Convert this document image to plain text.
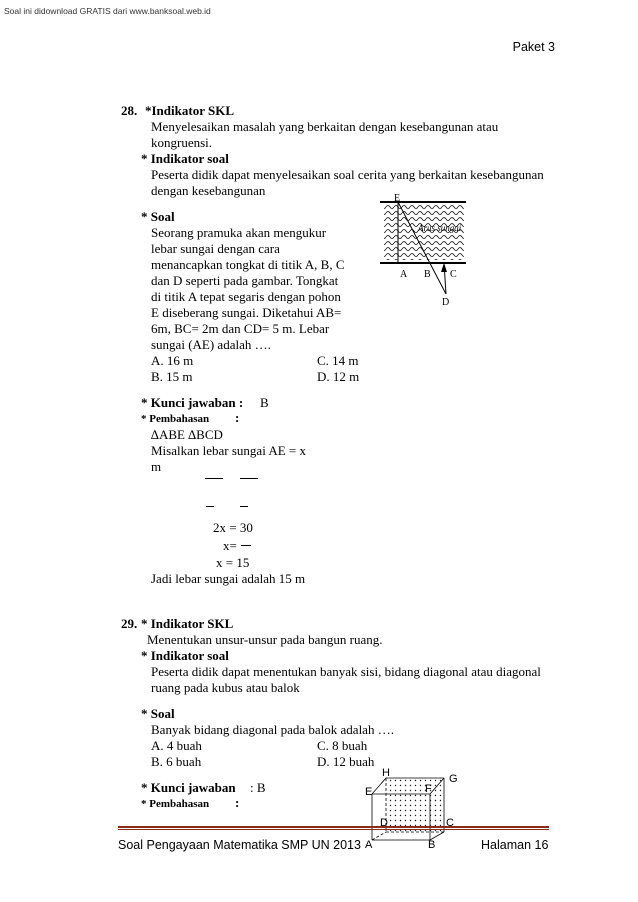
Soal ini didownload GRATIS dari www.banksoal.web.id
Paket 3
28. *Indikator SKL
Menyelesaikan masalah yang berkaitan dengan kesebangunan atau
kongruensi.
* Indikator soal
Peserta didik dapat menyelesaikan soal cerita yang berkaitan kesebangunan
dengan kesebangunan
* Soal
Seorang pramuka akan mengukur
lebar sungai dengan cara
menancapkan tongkat di titik A, B, C
dan D seperti pada gambar. Tongkat
di titik A tepat segaris dengan pohon
E diseberang sungai. Diketahui AB=
6m, BC= 2m dan CD= 5 m. Lebar
sungai (AE) adalah ….
A. 16 m	C. 14 m
B. 15 m	D. 12 m
E
A B C
D
Arus sungai
* Kunci jawaban : B
* Pembahasan :
∆ABE ∆BCD
Misalkan lebar sungai AE = x
m
2x = 30
x=
x = 15
Jadi lebar sungai adalah 15 m
29. * Indikator SKL
Menentukan unsur-unsur pada bangun ruang.
* Indikator soal
Peserta didik dapat menentukan banyak sisi, bidang diagonal atau diagonal
ruang pada kubus atau balok
* Soal
Banyak bidang diagonal pada balok adalah ….
A. 4 buah	C. 8 buah
B. 6 buah	D. 12 buah
* Kunci jawaban : B
* Pembahasan :
H	G
F
E
D	C
A	B
Soal Pengayaan Matematika SMP UN 2013	Halaman 16
